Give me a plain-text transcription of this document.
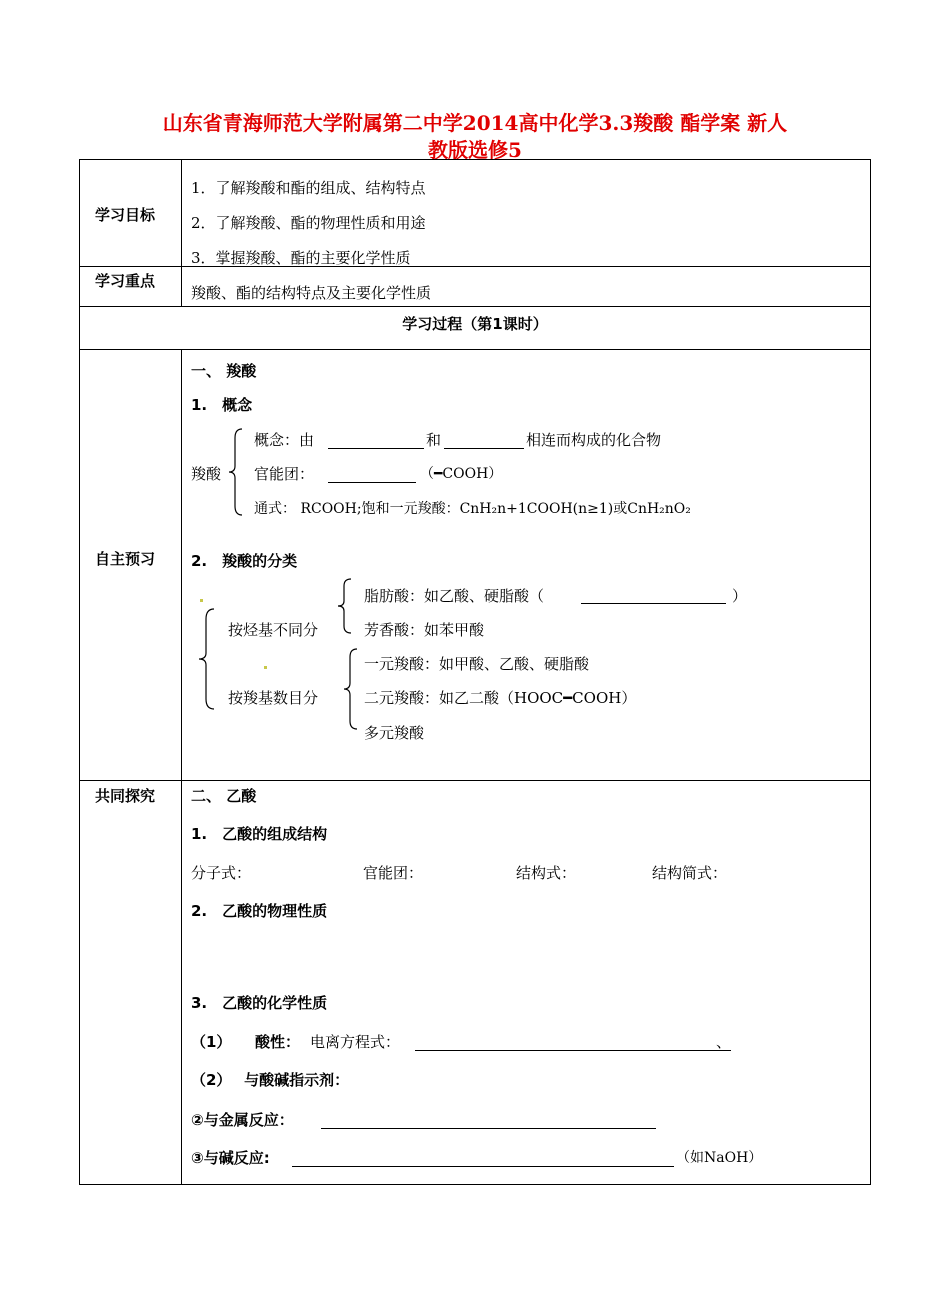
山东省青海师范大学附属第二中学2014高中化学3.3羧酸 酯学案 新人
教版选修5
学习目标
1．了解羧酸和酯的组成、结构特点
2．了解羧酸、酯的物理性质和用途
3．掌握羧酸、酯的主要化学性质
学习重点
羧酸、酯的结构特点及主要化学性质
学习过程（第1课时）
自主预习
一、 羧酸
1.　概念
羧酸
概念：由	和	相连而构成的化合物
官能团：	（━COOH）
通式： RCOOH;饱和一元羧酸：CnH₂n+1COOH(n≥1)或CnH₂nO₂
2.　羧酸的分类
按烃基不同分
脂肪酸：如乙酸、硬脂酸（	）
芳香酸：如苯甲酸
按羧基数目分
一元羧酸：如甲酸、乙酸、硬脂酸
二元羧酸：如乙二酸（HOOC━COOH）
多元羧酸
共同探究 二、 乙酸
1.　乙酸的组成结构
分子式：	官能团：	结构式：	结构简式：
2.　乙酸的物理性质
3.　乙酸的化学性质
（1） 酸性： 电离方程式：	、
（2）　 与酸碱指示剂：
②与金属反应：
③与碱反应:	（如NaOH）
